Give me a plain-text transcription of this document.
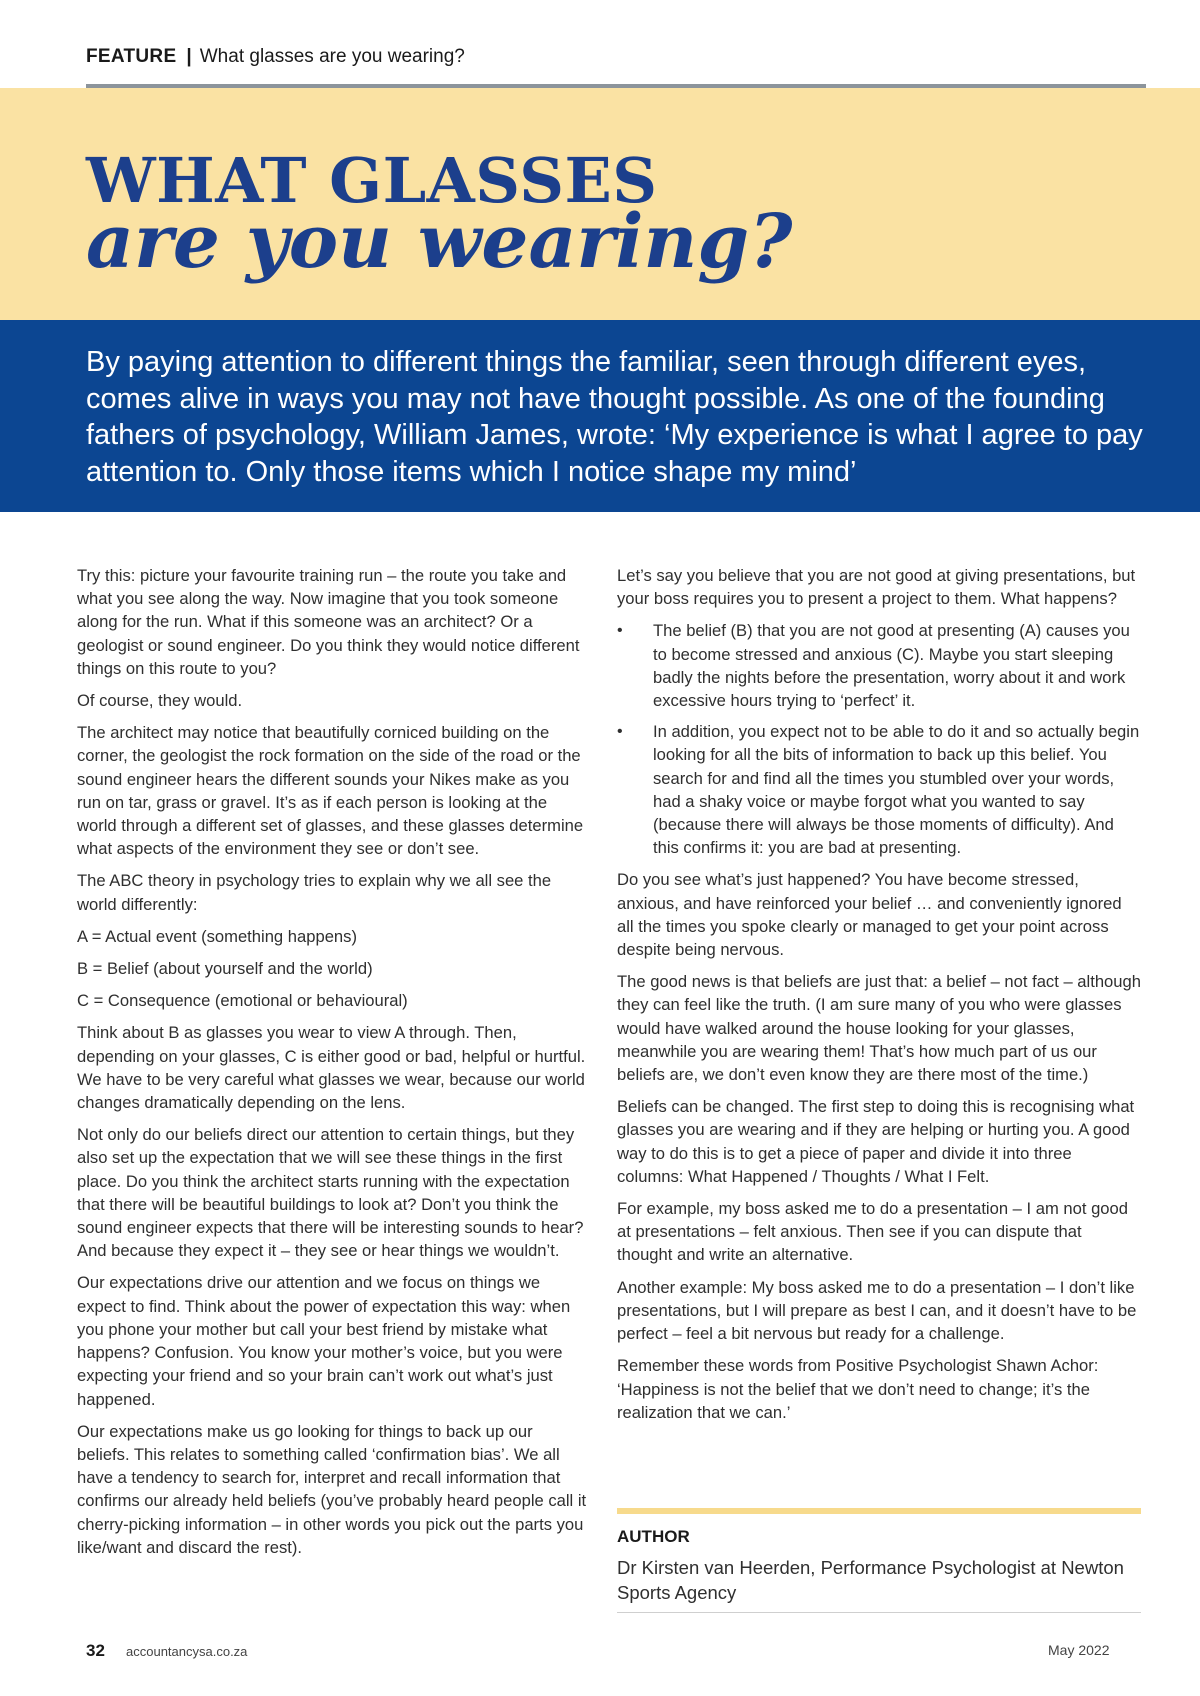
FEATURE | What glasses are you wearing?
WHAT GLASSES
are you wearing?

By paying attention to different things the familiar, seen through different eyes, comes alive in ways you may not have thought possible. As one of the founding fathers of psychology, William James, wrote: ‘My experience is what I agree to pay attention to. Only those items which I notice shape my mind’

Try this: picture your favourite training run – the route you take and what you see along the way. Now imagine that you took someone along for the run. What if this someone was an architect? Or a geologist or sound engineer. Do you think they would notice different things on this route to you?

Of course, they would.

The architect may notice that beautifully corniced building on the corner, the geologist the rock formation on the side of the road or the sound engineer hears the different sounds your Nikes make as you run on tar, grass or gravel. It’s as if each person is looking at the world through a different set of glasses, and these glasses determine what aspects of the environment they see or don’t see.

The ABC theory in psychology tries to explain why we all see the world differently:

A = Actual event (something happens)

B = Belief (about yourself and the world)

C = Consequence (emotional or behavioural)

Think about B as glasses you wear to view A through. Then, depending on your glasses, C is either good or bad, helpful or hurtful. We have to be very careful what glasses we wear, because our world changes dramatically depending on the lens.

Not only do our beliefs direct our attention to certain things, but they also set up the expectation that we will see these things in the first place. Do you think the architect starts running with the expectation that there will be beautiful buildings to look at? Don’t you think the sound engineer expects that there will be interesting sounds to hear? And because they expect it – they see or hear things we wouldn’t.

Our expectations drive our attention and we focus on things we expect to find. Think about the power of expectation this way: when you phone your mother but call your best friend by mistake what happens? Confusion. You know your mother’s voice, but you were expecting your friend and so your brain can’t work out what’s just happened.

Our expectations make us go looking for things to back up our beliefs. This relates to something called ‘confirmation bias’. We all have a tendency to search for, interpret and recall information that confirms our already held beliefs (you’ve probably heard people call it cherry-picking information – in other words you pick out the parts you like/want and discard the rest).

Let’s say you believe that you are not good at giving presentations, but your boss requires you to present a project to them. What happens?

• The belief (B) that you are not good at presenting (A) causes you to become stressed and anxious (C). Maybe you start sleeping badly the nights before the presentation, worry about it and work excessive hours trying to ‘perfect’ it.
• In addition, you expect not to be able to do it and so actually begin looking for all the bits of information to back up this belief. You search for and find all the times you stumbled over your words, had a shaky voice or maybe forgot what you wanted to say (because there will always be those moments of difficulty). And this confirms it: you are bad at presenting.

Do you see what’s just happened? You have become stressed, anxious, and have reinforced your belief … and conveniently ignored all the times you spoke clearly or managed to get your point across despite being nervous.

The good news is that beliefs are just that: a belief – not fact – although they can feel like the truth. (I am sure many of you who were glasses would have walked around the house looking for your glasses, meanwhile you are wearing them! That’s how much part of us our beliefs are, we don’t even know they are there most of the time.)

Beliefs can be changed. The first step to doing this is recognising what glasses you are wearing and if they are helping or hurting you. A good way to do this is to get a piece of paper and divide it into three columns: What Happened / Thoughts / What I Felt.

For example, my boss asked me to do a presentation – I am not good at presentations – felt anxious. Then see if you can dispute that thought and write an alternative.

Another example: My boss asked me to do a presentation – I don’t like presentations, but I will prepare as best I can, and it doesn’t have to be perfect – feel a bit nervous but ready for a challenge.

Remember these words from Positive Psychologist Shawn Achor: ‘Happiness is not the belief that we don’t need to change; it’s the realization that we can.’

AUTHOR
Dr Kirsten van Heerden, Performance Psychologist at Newton Sports Agency
32 accountancysa.co.za	May 2022
